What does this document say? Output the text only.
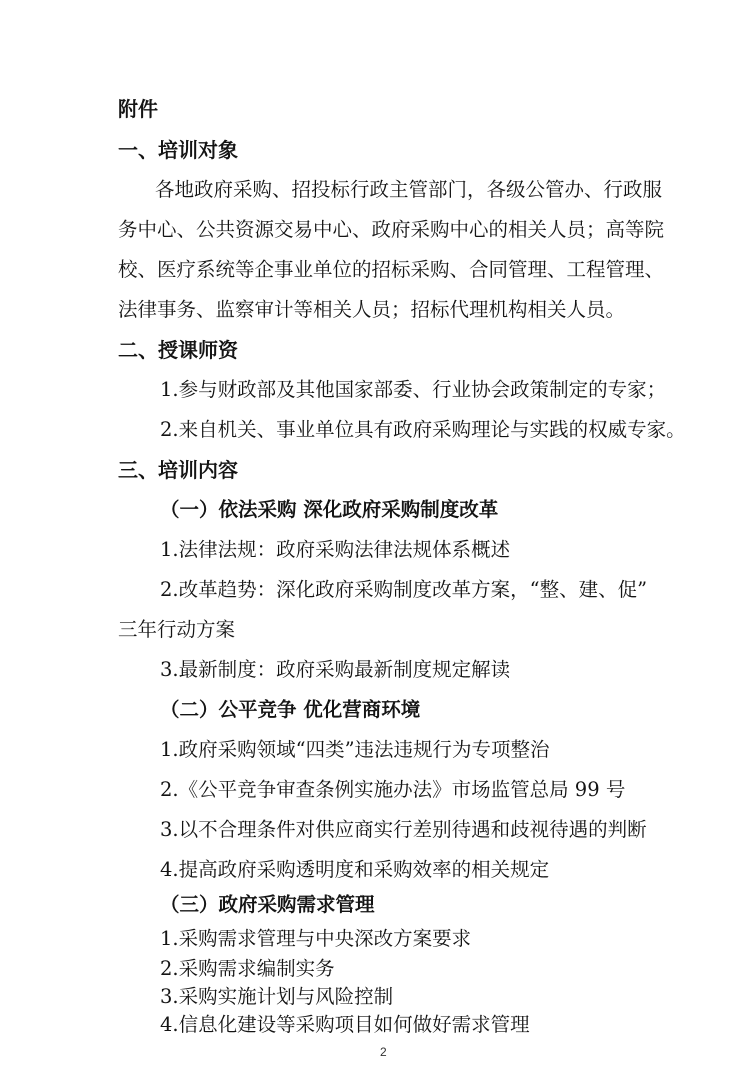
附件
一、培训对象
各地政府采购、招投标行政主管部门，各级公管办、行政服
务中心、公共资源交易中心、政府采购中心的相关人员；高等院
校、医疗系统等企事业单位的招标采购、合同管理、工程管理、
法律事务、监察审计等相关人员；招标代理机构相关人员。
二、授课师资
1.参与财政部及其他国家部委、行业协会政策制定的专家；
2.来自机关、事业单位具有政府采购理论与实践的权威专家。
三、培训内容
（一）依法采购 深化政府采购制度改革
1.法律法规：政府采购法律法规体系概述
2.改革趋势：深化政府采购制度改革方案，“整、建、促”
三年行动方案
3.最新制度：政府采购最新制度规定解读
（二）公平竞争 优化营商环境
1.政府采购领域“四类”违法违规行为专项整治
2.《公平竞争审查条例实施办法》市场监管总局 99 号
3.以不合理条件对供应商实行差别待遇和歧视待遇的判断
4.提高政府采购透明度和采购效率的相关规定
（三）政府采购需求管理
1.采购需求管理与中央深改方案要求
2.采购需求编制实务
3.采购实施计划与风险控制
4.信息化建设等采购项目如何做好需求管理
2
